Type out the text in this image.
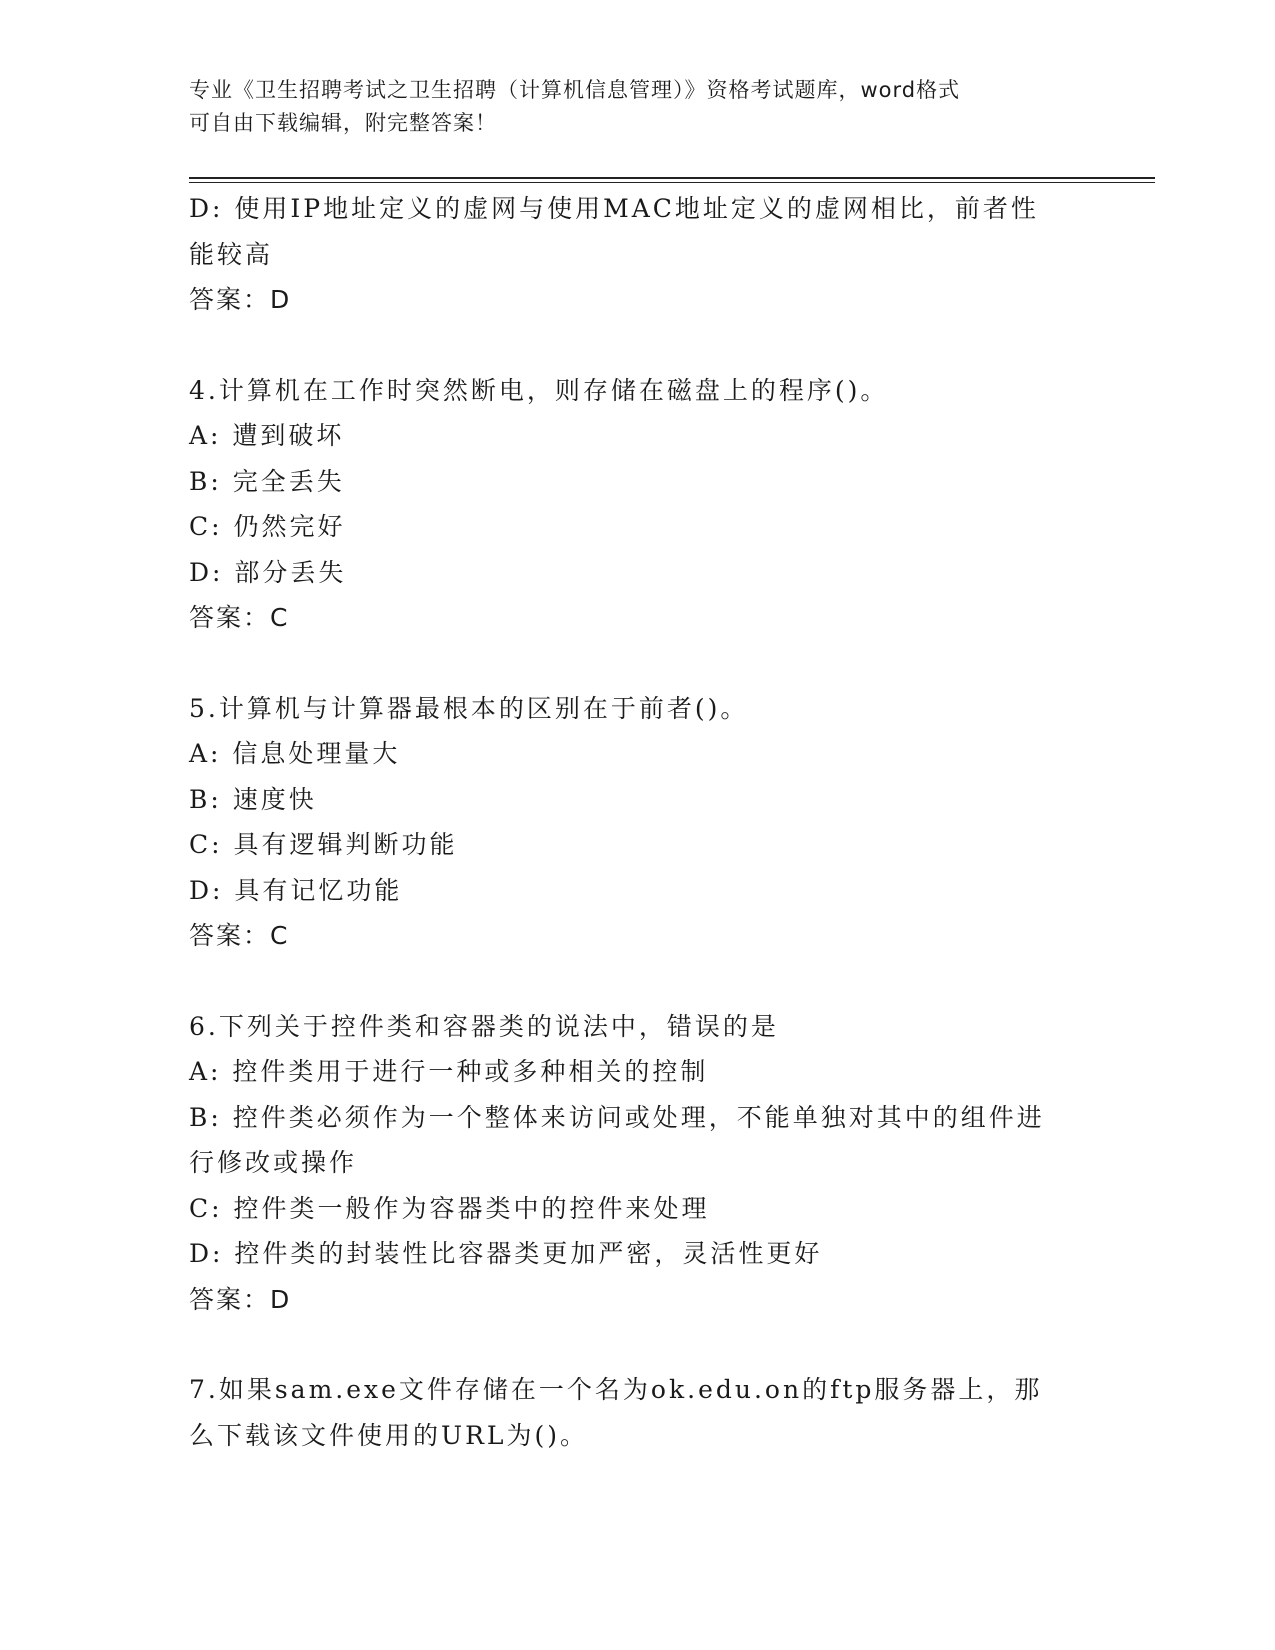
专业《卫生招聘考试之卫生招聘（计算机信息管理）》资格考试题库，word格式
可自由下载编辑，附完整答案！

D: 使用IP地址定义的虚网与使用MAC地址定义的虚网相比，前者性

能较高

答案：D

4.计算机在工作时突然断电，则存储在磁盘上的程序()。

A: 遭到破坏

B: 完全丢失

C: 仍然完好

D: 部分丢失

答案：C

5.计算机与计算器最根本的区别在于前者()。

A: 信息处理量大

B: 速度快

C: 具有逻辑判断功能

D: 具有记忆功能

答案：C

6.下列关于控件类和容器类的说法中，错误的是

A: 控件类用于进行一种或多种相关的控制

B: 控件类必须作为一个整体来访问或处理，不能单独对其中的组件进

行修改或操作

C: 控件类一般作为容器类中的控件来处理

D: 控件类的封装性比容器类更加严密，灵活性更好

答案：D

7.如果sam.exe文件存储在一个名为ok.edu.on的ftp服务器上，那

么下载该文件使用的URL为()。
